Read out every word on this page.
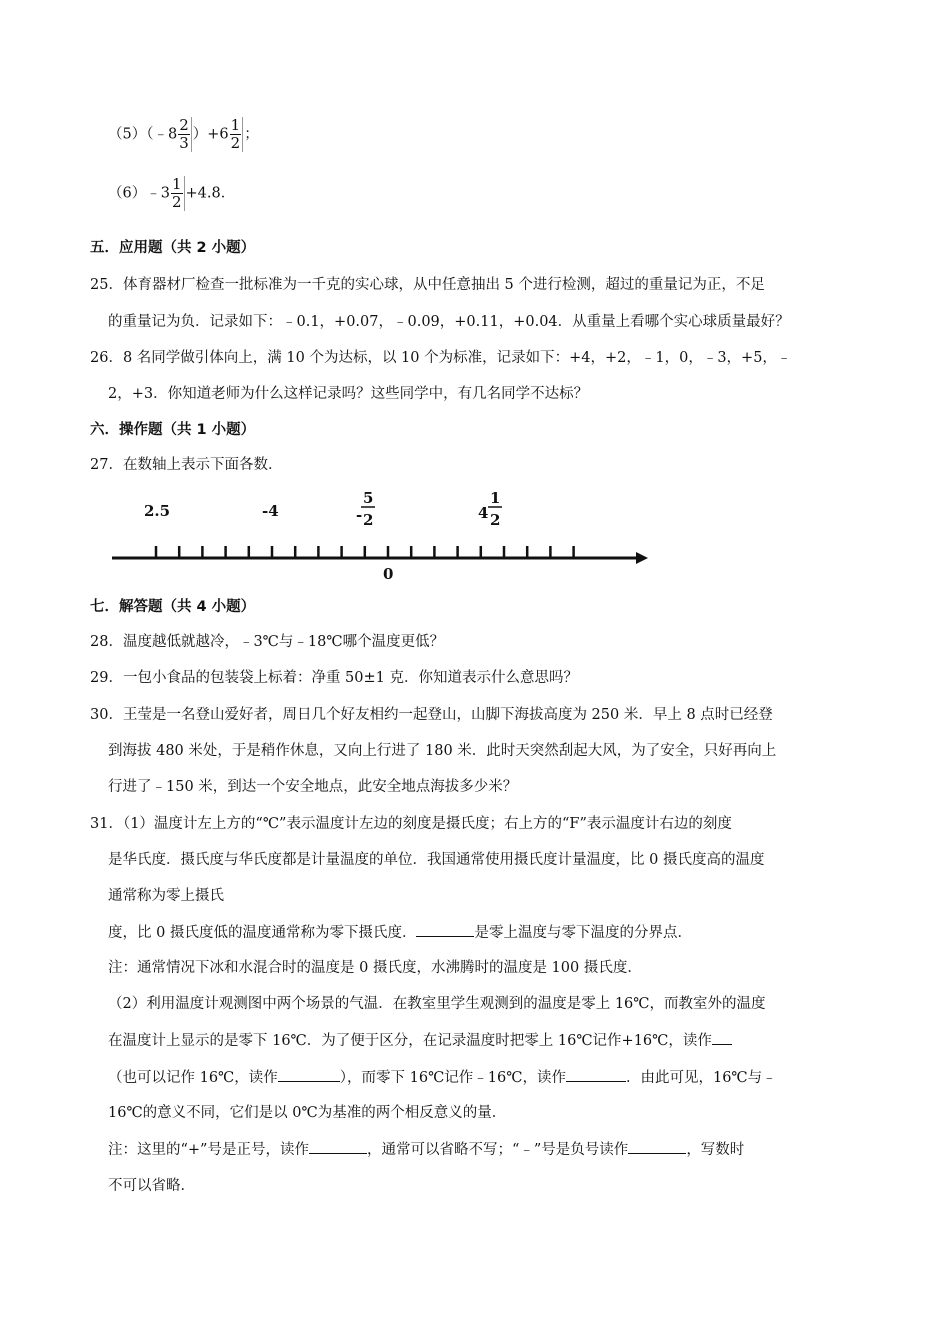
（5）（﹣8 $\frac{2}{3} )+6 \frac{1}{2}$ ；
（6）﹣3 $\frac{1}{2} +4.8$．
五．应用题（共 2 小题）
25．体育器材厂检查一批标准为一千克的实心球，从中任意抽出 5 个进行检测，超过的重量记为正，不足
的重量记为负．记录如下：﹣0.1，+0.07，﹣0.09，+0.11，+0.04．从重量上看哪个实心球质量最好？
26．8 名同学做引体向上，满 10 个为达标，以 10 个为标准，记录如下：+4，+2，﹣1，0，﹣3，+5，﹣
2，+3．你知道老师为什么这样记录吗？这些同学中，有几名同学不达标？
六．操作题（共 1 小题）
27．在数轴上表示下面各数．
2.5	-4	-
5
2	4
1
2
0
七．解答题（共 4 小题）
28．温度越低就越冷，﹣3℃与﹣18℃哪个温度更低？
29．一包小食品的包装袋上标着：净重 50±1 克．你知道表示什么意思吗？
30．王莹是一名登山爱好者，周日几个好友相约一起登山，山脚下海拔高度为 250 米．早上 8 点时已经登
到海拔 480 米处，于是稍作休息，又向上行进了 180 米．此时天突然刮起大风，为了安全，只好再向上
行进了﹣150 米，到达一个安全地点，此安全地点海拔多少米？
31．（1）温度计左上方的“℃”表示温度计左边的刻度是摄氏度；右上方的“F”表示温度计右边的刻度
是华氏度．摄氏度与华氏度都是计量温度的单位．我国通常使用摄氏度计量温度，比 0 摄氏度高的温度
通常称为零上摄氏
度，比 0 摄氏度低的温度通常称为零下摄氏度．	是零上温度与零下温度的分界点．
注：通常情况下冰和水混合时的温度是 0 摄氏度，水沸腾时的温度是 100 摄氏度．
（2）利用温度计观测图中两个场景的气温．在教室里学生观测到的温度是零上 16℃，而教室外的温度
在温度计上显示的是零下 16℃．为了便于区分，在记录温度时把零上 16℃记作+16℃，读作
（也可以记作 16℃，读作	），而零下 16℃记作﹣16℃，读作	．由此可见，16℃与﹣
16℃的意义不同，它们是以 0℃为基准的两个相反意义的量．
注：这里的“+”号是正号，读作	，通常可以省略不写；“﹣”号是负号读作	，写数时
不可以省略．
